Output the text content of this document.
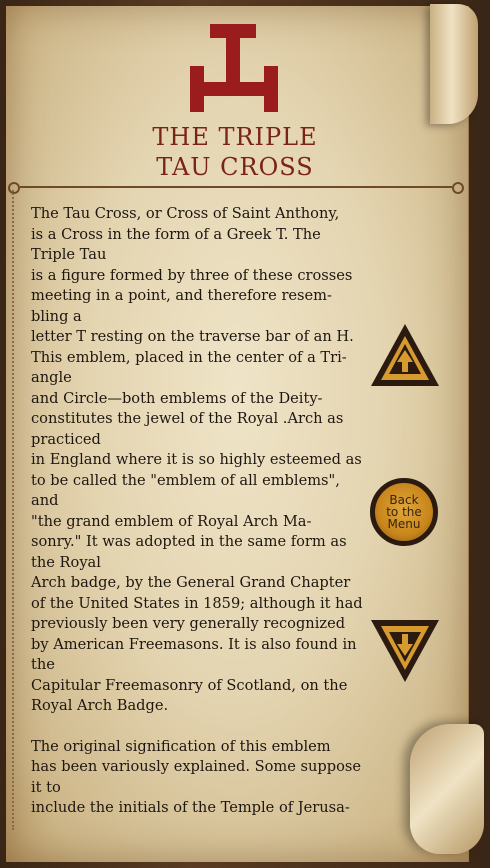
THE TRIPLE
TAU CROSS
The Tau Cross, or Cross of Saint Anthony,
is a Cross in the form of a Greek T. The
Triple Tau
is a figure formed by three of these crosses
meeting in a point, and therefore resem-
bling a
letter T resting on the traverse bar of an H.
This emblem, placed in the center of a Tri-
angle
and Circle—both emblems of the Deity-
constitutes the jewel of the Royal .Arch as
practiced
in England where it is so highly esteemed as
to be called the "emblem of all emblems",
and
"the grand emblem of Royal Arch Ma-
sonry." It was adopted in the same form as
the Royal
Arch badge, by the General Grand Chapter
of the United States in 1859; although it had
previously been very generally recognized
by American Freemasons. It is also found in
the
Capitular Freemasonry of Scotland, on the
Royal Arch Badge.
The original signification of this emblem
has been variously explained. Some suppose
it to
include the initials of the Temple of Jerusa-
Back
to the
Menu
